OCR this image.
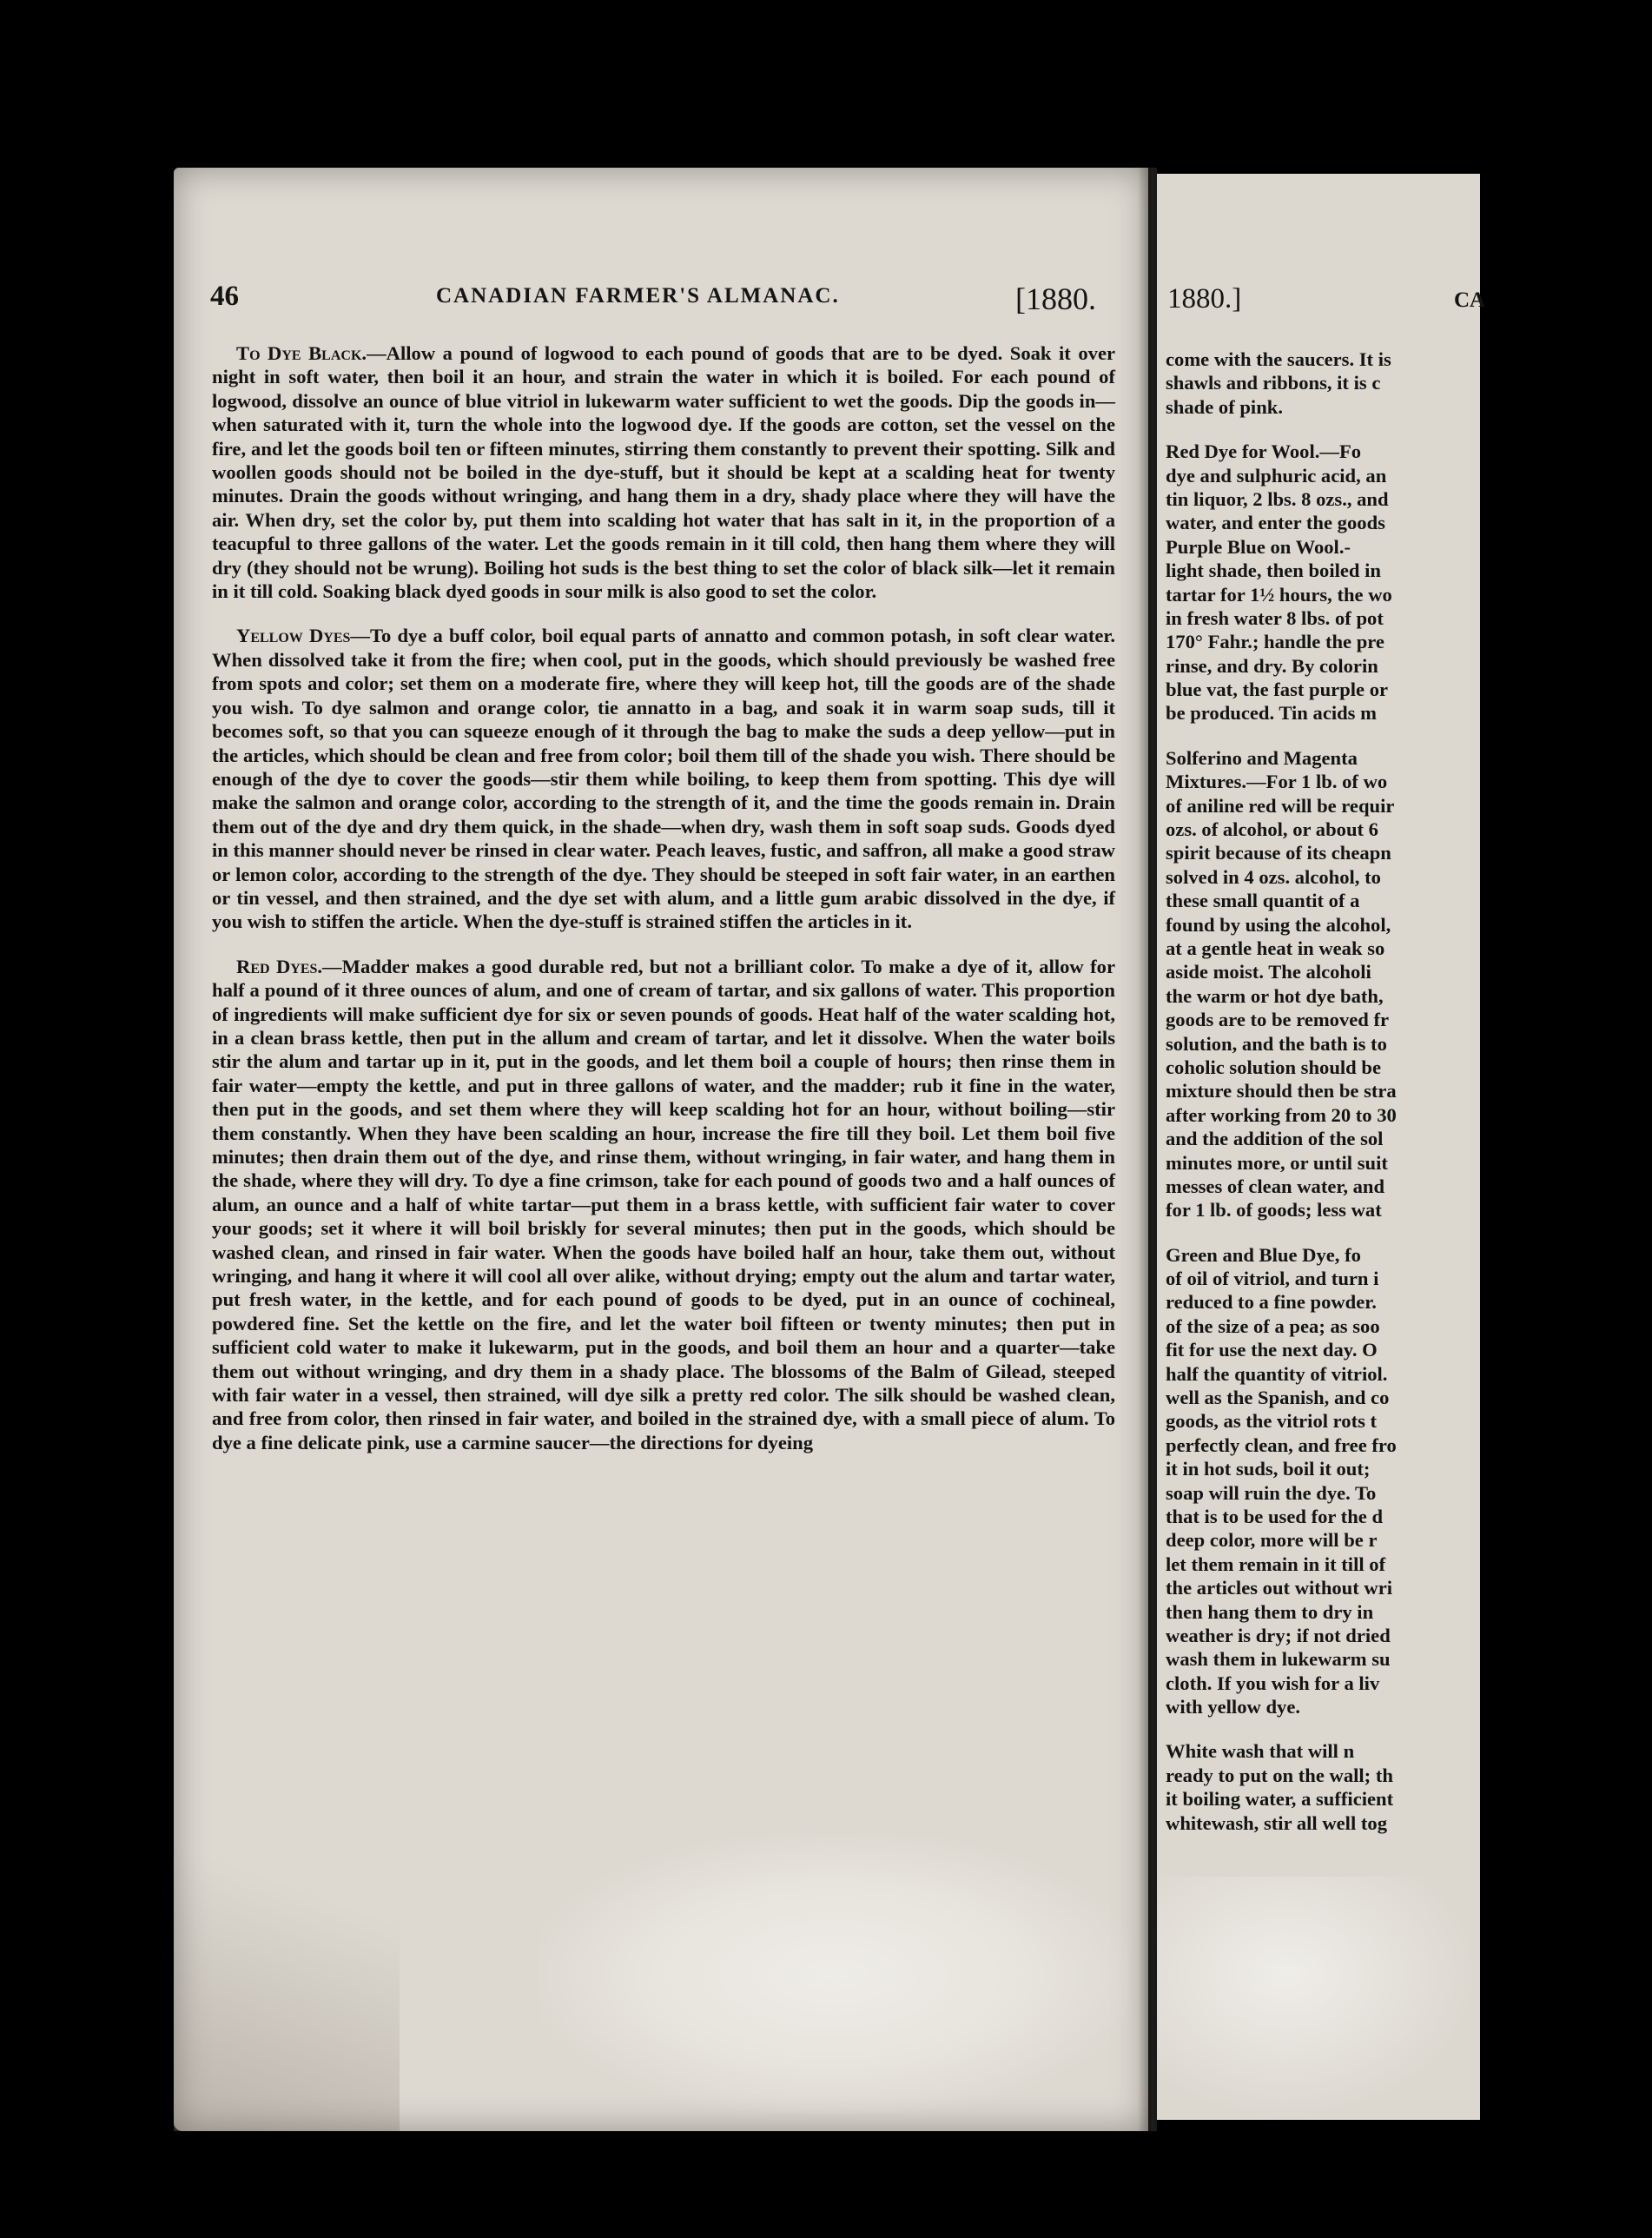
46	CANADIAN FARMER'S ALMANAC.	[1880.

To Dye Black.—Allow a pound of logwood to each pound of goods that are to be dyed. Soak it over night in soft water, then boil it an hour, and strain the water in which it is boiled. For each pound of logwood, dissolve an ounce of blue vitriol in lukewarm water sufficient to wet the goods. Dip the goods in—when saturated with it, turn the whole into the logwood dye. If the goods are cotton, set the vessel on the fire, and let the goods boil ten or fifteen minutes, stirring them constantly to prevent their spotting. Silk and woollen goods should not be boiled in the dye-stuff, but it should be kept at a scalding heat for twenty minutes. Drain the goods without wringing, and hang them in a dry, shady place where they will have the air. When dry, set the color by, put them into scalding hot water that has salt in it, in the proportion of a teacupful to three gallons of the water. Let the goods remain in it till cold, then hang them where they will dry (they should not be wrung). Boiling hot suds is the best thing to set the color of black silk—let it remain in it till cold. Soaking black dyed goods in sour milk is also good to set the color.

Yellow Dyes—To dye a buff color, boil equal parts of annatto and common potash, in soft clear water. When dissolved take it from the fire; when cool, put in the goods, which should previously be washed free from spots and color; set them on a moderate fire, where they will keep hot, till the goods are of the shade you wish. To dye salmon and orange color, tie annatto in a bag, and soak it in warm soap suds, till it becomes soft, so that you can squeeze enough of it through the bag to make the suds a deep yellow—put in the articles, which should be clean and free from color; boil them till of the shade you wish. There should be enough of the dye to cover the goods—stir them while boiling, to keep them from spotting. This dye will make the salmon and orange color, according to the strength of it, and the time the goods remain in. Drain them out of the dye and dry them quick, in the shade—when dry, wash them in soft soap suds. Goods dyed in this manner should never be rinsed in clear water. Peach leaves, fustic, and saffron, all make a good straw or lemon color, according to the strength of the dye. They should be steeped in soft fair water, in an earthen or tin vessel, and then strained, and the dye set with alum, and a little gum arabic dissolved in the dye, if you wish to stiffen the article. When the dye-stuff is strained stiffen the articles in it.

Red Dyes.—Madder makes a good durable red, but not a brilliant color. To make a dye of it, allow for half a pound of it three ounces of alum, and one of cream of tartar, and six gallons of water. This proportion of ingredients will make sufficient dye for six or seven pounds of goods. Heat half of the water scalding hot, in a clean brass kettle, then put in the allum and cream of tartar, and let it dissolve. When the water boils stir the alum and tartar up in it, put in the goods, and let them boil a couple of hours; then rinse them in fair water—empty the kettle, and put in three gallons of water, and the madder; rub it fine in the water, then put in the goods, and set them where they will keep scalding hot for an hour, without boiling—stir them constantly. When they have been scalding an hour, increase the fire till they boil. Let them boil five minutes; then drain them out of the dye, and rinse them, without wringing, in fair water, and hang them in the shade, where they will dry. To dye a fine crimson, take for each pound of goods two and a half ounces of alum, an ounce and a half of white tartar—put them in a brass kettle, with sufficient fair water to cover your goods; set it where it will boil briskly for several minutes; then put in the goods, which should be washed clean, and rinsed in fair water. When the goods have boiled half an hour, take them out, without wringing, and hang it where it will cool all over alike, without drying; empty out the alum and tartar water, put fresh water, in the kettle, and for each pound of goods to be dyed, put in an ounce of cochineal, powdered fine. Set the kettle on the fire, and let the water boil fifteen or twenty minutes; then put in sufficient cold water to make it lukewarm, put in the goods, and boil them an hour and a quarter—take them out without wringing, and dry them in a shady place. The blossoms of the Balm of Gilead, steeped with fair water in a vessel, then strained, will dye silk a pretty red color. The silk should be washed clean, and free from color, then rinsed in fair water, and boiled in the strained dye, with a small piece of alum. To dye a fine delicate pink, use a carmine saucer—the directions for dyeing

1880.]	CA
come with the saucers. It is
shawls and ribbons, it is c
shade of pink.
Red Dye for Wool.—Fo
dye and sulphuric acid, an
tin liquor, 2 lbs. 8 ozs., and
water, and enter the goods
Purple Blue on Wool.-
light shade, then boiled in
tartar for 1½ hours, the wo
in fresh water 8 lbs. of pot
170° Fahr.; handle the pre
rinse, and dry. By colorin
blue vat, the fast purple or
be produced. Tin acids m
Solferino and Magenta
Mixtures.—For 1 lb. of wo
of aniline red will be requir
ozs. of alcohol, or about 6
spirit because of its cheapn
solved in 4 ozs. alcohol, to
these small quantit of a
found by using the alcohol,
at a gentle heat in weak so
aside moist. The alcoholi
the warm or hot dye bath,
goods are to be removed fr
solution, and the bath is to
coholic solution should be
mixture should then be stra
after working from 20 to 30
and the addition of the sol
minutes more, or until suit
messes of clean water, and
for 1 lb. of goods; less wat
Green and Blue Dye, fo
of oil of vitriol, and turn i
reduced to a fine powder.
of the size of a pea; as soo
fit for use the next day. O
half the quantity of vitriol.
well as the Spanish, and co
goods, as the vitriol rots t
perfectly clean, and free fro
it in hot suds, boil it out;
soap will ruin the dye. To
that is to be used for the d
deep color, more will be r
let them remain in it till of
the articles out without wri
then hang them to dry in
weather is dry; if not dried
wash them in lukewarm su
cloth. If you wish for a liv
with yellow dye.
White wash that will n
ready to put on the wall; th
it boiling water, a sufficient
whitewash, stir all well tog
